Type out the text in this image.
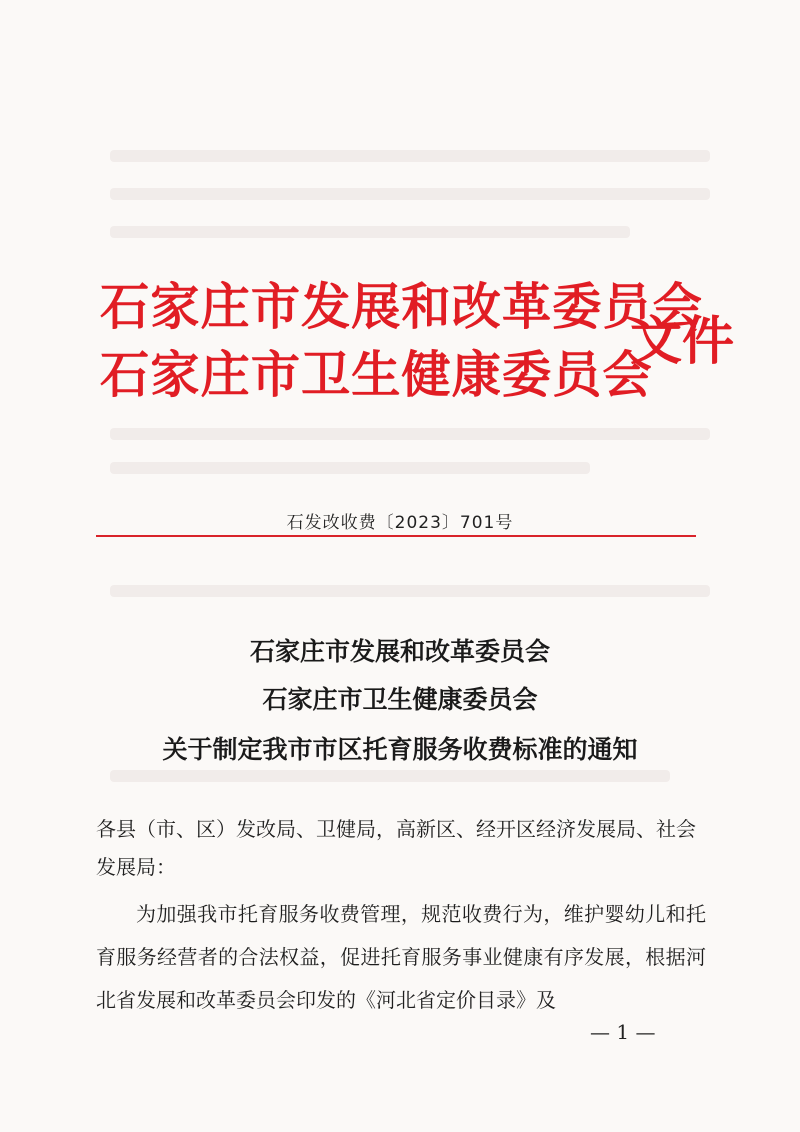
石家庄市发展和改革委员会
石家庄市卫生健康委员会
文件
石发改收费〔2023〕701号
石家庄市发展和改革委员会
石家庄市卫生健康委员会
关于制定我市市区托育服务收费标准的通知
各县（市、区）发改局、卫健局，高新区、经开区经济发展局、社会发展局：
为加强我市托育服务收费管理，规范收费行为，维护婴幼儿和托育服务经营者的合法权益，促进托育服务事业健康有序发展，根据河北省发展和改革委员会印发的《河北省定价目录》及
— 1 —
